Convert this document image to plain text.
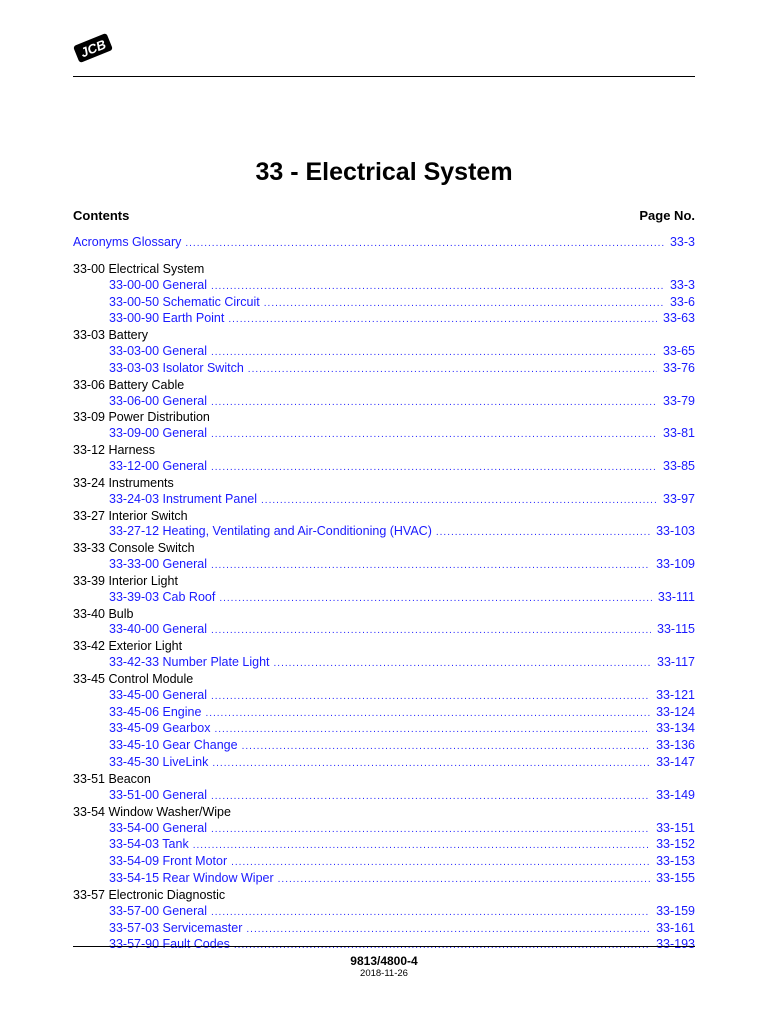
JCB
33 - Electrical System
Contents	Page No.
Acronyms Glossary .....	33-3
33-00 Electrical System
33-00-00 General .....	33-3
33-00-50 Schematic Circuit .....	33-6
33-00-90 Earth Point .....	33-63
33-03 Battery
33-03-00 General .....	33-65
33-03-03 Isolator Switch .....	33-76
33-06 Battery Cable
33-06-00 General .....	33-79
33-09 Power Distribution
33-09-00 General .....	33-81
33-12 Harness
33-12-00 General .....	33-85
33-24 Instruments
33-24-03 Instrument Panel .....	33-97
33-27 Interior Switch
33-27-12 Heating, Ventilating and Air-Conditioning (HVAC) .....	33-103
33-33 Console Switch
33-33-00 General .....	33-109
33-39 Interior Light
33-39-03 Cab Roof .....	33-111
33-40 Bulb
33-40-00 General .....	33-115
33-42 Exterior Light
33-42-33 Number Plate Light .....	33-117
33-45 Control Module
33-45-00 General .....	33-121
33-45-06 Engine .....	33-124
33-45-09 Gearbox .....	33-134
33-45-10 Gear Change .....	33-136
33-45-30 LiveLink .....	33-147
33-51 Beacon
33-51-00 General .....	33-149
33-54 Window Washer/Wipe
33-54-00 General .....	33-151
33-54-03 Tank .....	33-152
33-54-09 Front Motor .....	33-153
33-54-15 Rear Window Wiper .....	33-155
33-57 Electronic Diagnostic
33-57-00 General .....	33-159
33-57-03 Servicemaster .....	33-161
33-57-90 Fault Codes .....	33-193
9813/4800-4
2018-11-26
